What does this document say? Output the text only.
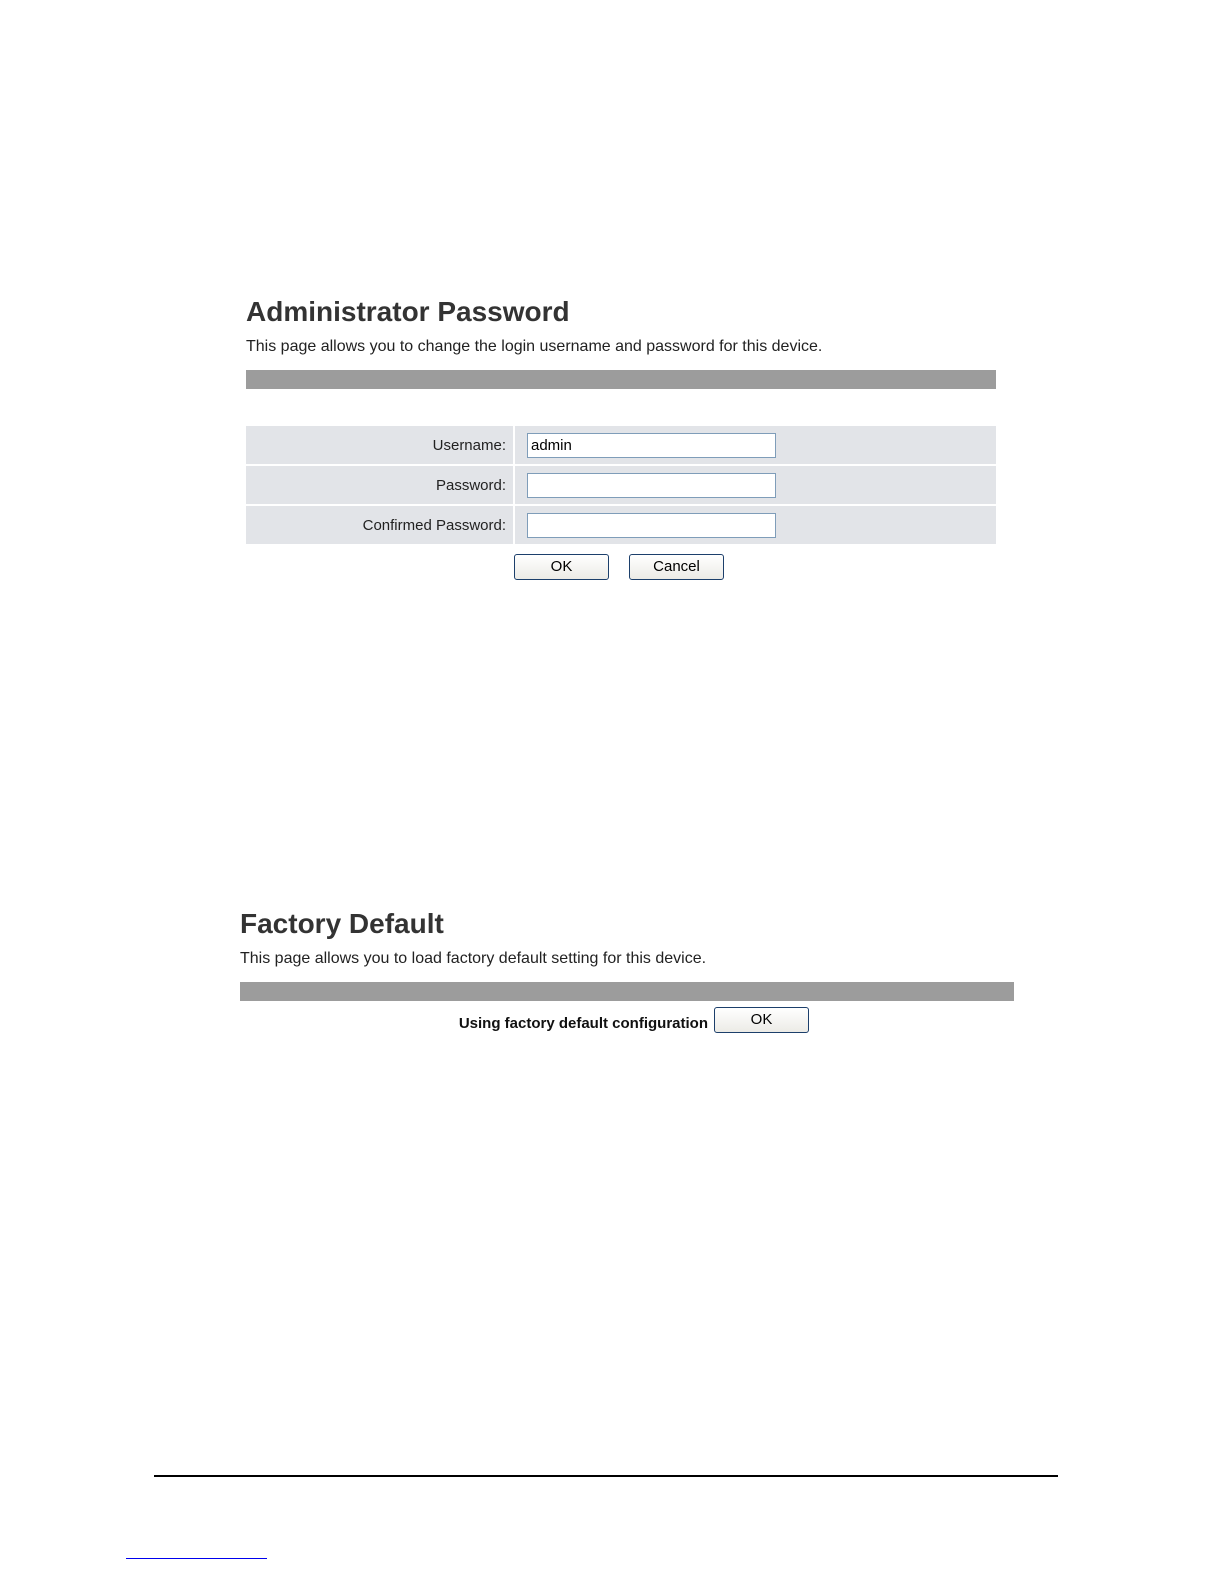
Administrator Password

This page allows you to change the login username and password for this device.

Username:	admin
Password:	
Confirmed Password:	
OK	Cancel
Factory Default

This page allows you to load factory default setting for this device.

Using factory default configuration	OK
